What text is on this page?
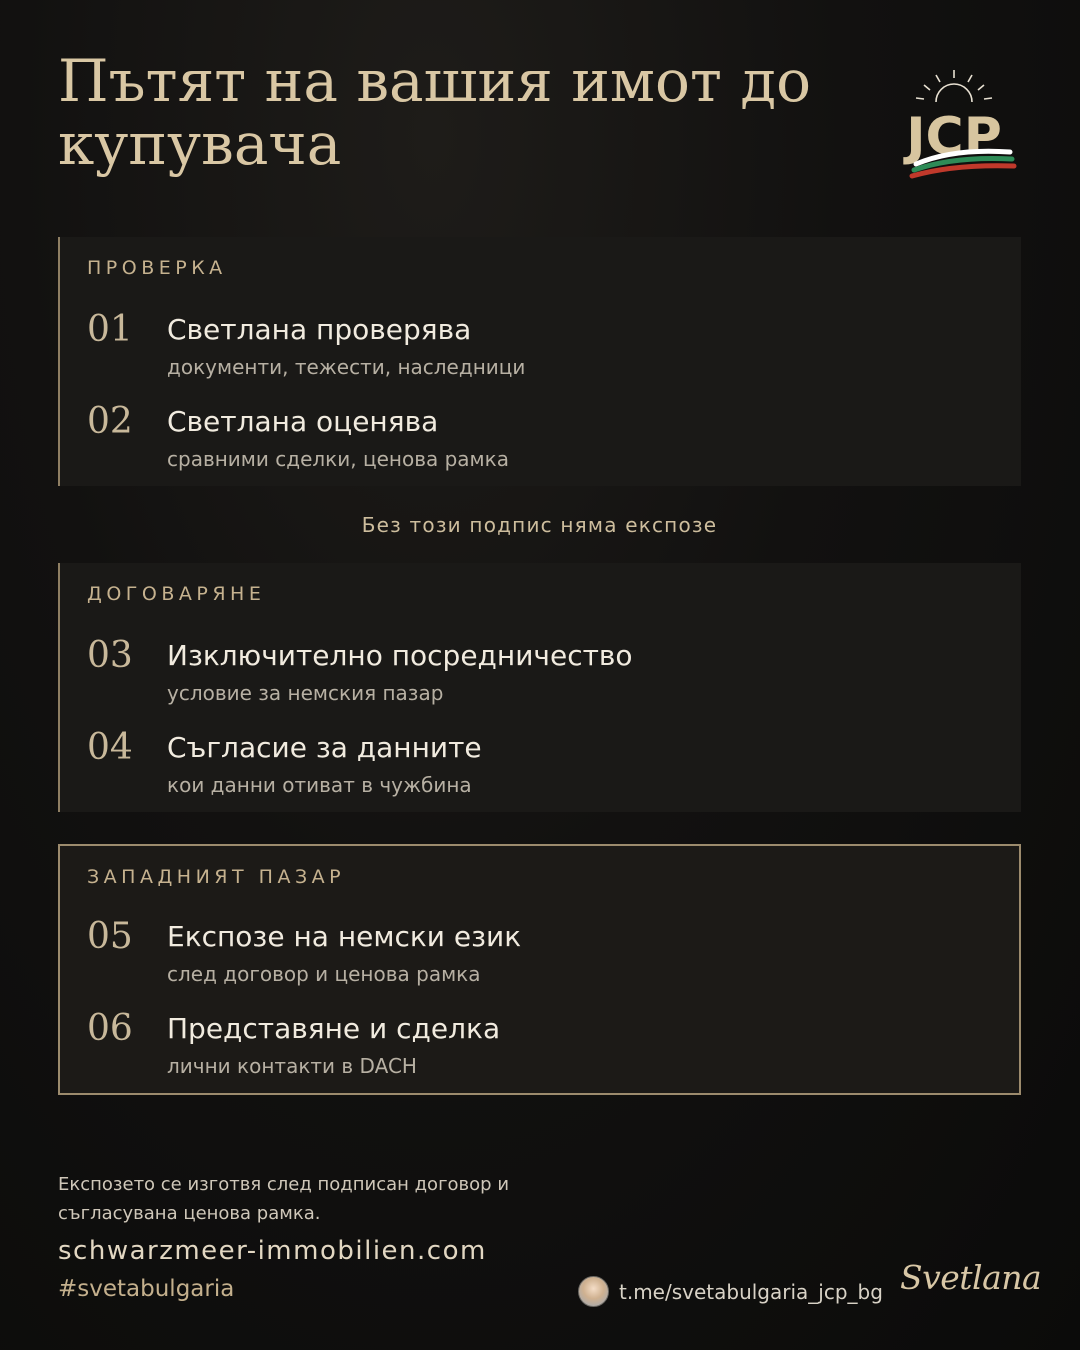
Пътят на вашия имот до купувача	JCP
ПРОВЕРКА
01 Светлана проверява
документи, тежести, наследници
02 Светлана оценява
сравними сделки, ценова рамка
Без този подпис няма експозе
ДОГОВАРЯНЕ
03 Изключително посредничество
условие за немския пазар
04 Съгласие за данните
кои данни отиват в чужбина
ЗАПАДНИЯТ ПАЗАР
05 Експозе на немски език
след договор и ценова рамка
06 Представяне и сделка
лични контакти в DACH
Експозето се изготвя след подписан договор и съгласувана ценова рамка.
schwarzmeer-immobilien.com
#svetabulgaria	t.me/svetabulgaria_jcp_bg Svetlana
